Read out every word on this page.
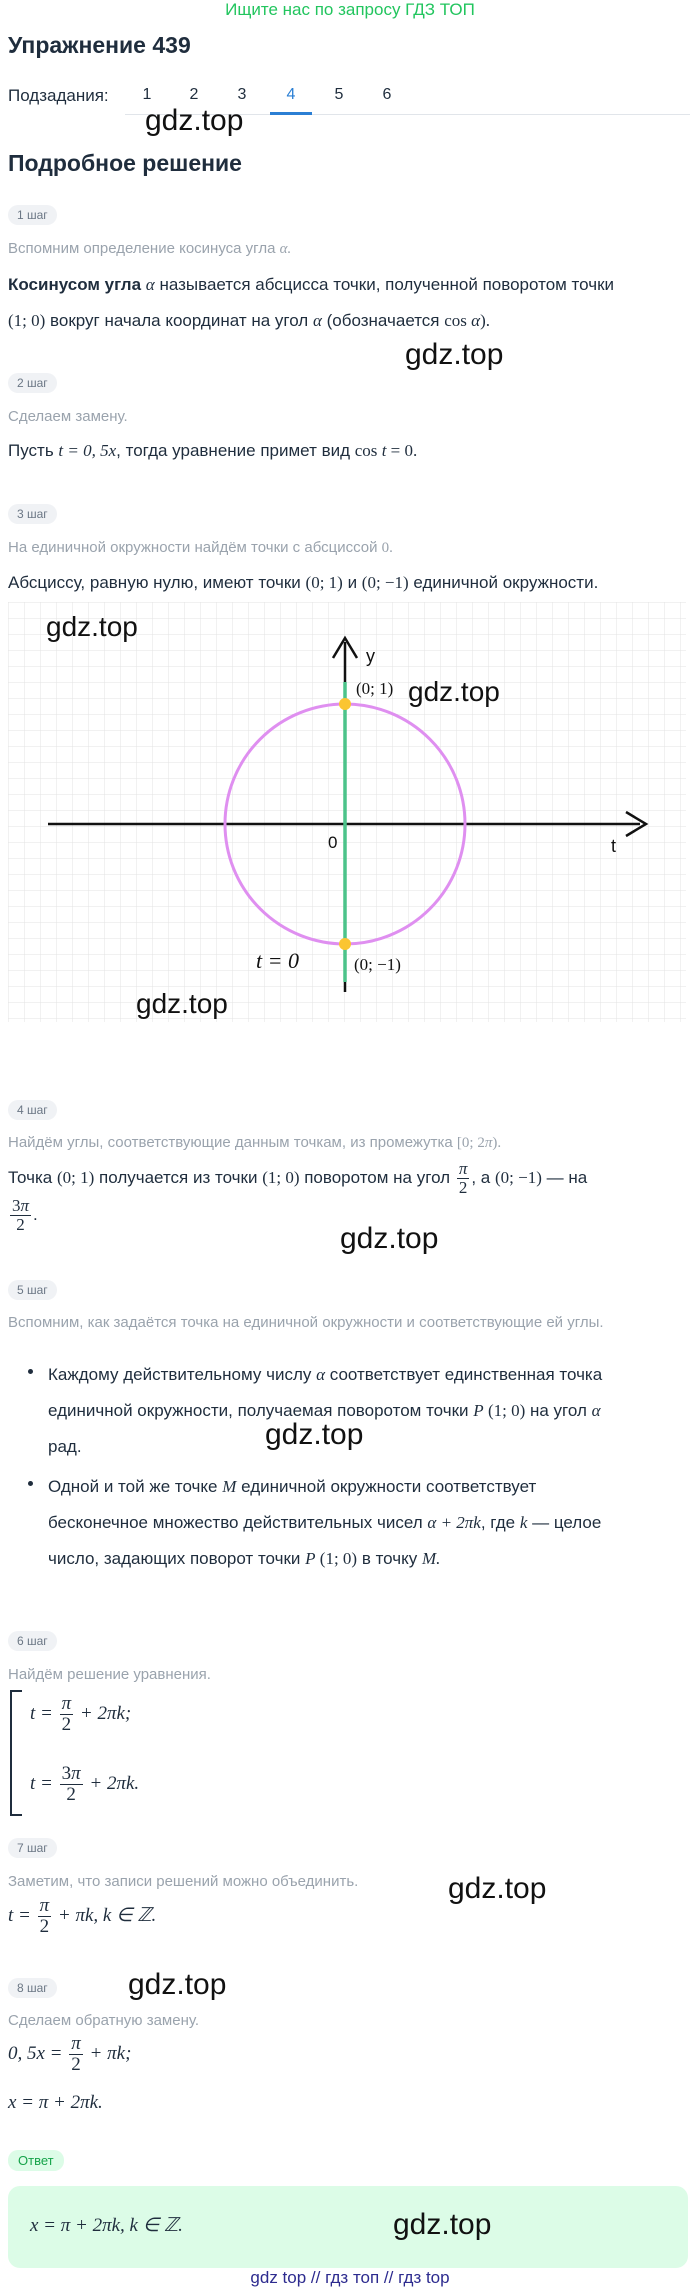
Ищите нас по запросу ГДЗ ТОП
Упражнение 439
Подзадания:	1	2	3	4	5	6
gdz.top
Подробное решение
1 шаг
Вспомним определение косинуса угла α.
Косинусом угла α называется абсцисса точки, полученной поворотом точки
(1; 0) вокруг начала координат на угол α (обозначается cos α).
gdz.top
2 шаг
Сделаем замену.
Пусть t = 0, 5x, тогда уравнение примет вид cos t = 0.
3 шаг
На единичной окружности найдём точки с абсциссой 0.
Абсциссу, равную нулю, имеют точки (0; 1) и (0; −1) единичной окружности.
y
t
0
(0; 1)
(0; −1)
t = 0
gdz.top
gdz.top
gdz.top
4 шаг
Найдём углы, соответствующие данным точкам, из промежутка [0; 2π).
Точка (0; 1) получается из точки (1; 0) поворотом на угол $\frac{\pi}{2}$ , а (0; −1) — на

$\frac{3\pi}{2}$ .
gdz.top
5 шаг
Вспомним, как задаётся точка на единичной окружности и соответствующие ей углы.
Каждому действительному числу α соответствует единственная точка
единичной окружности, получаемая поворотом точки P (1; 0) на угол α
рад.	gdz.top
Одной и той же точке M единичной окружности соответствует
бесконечное множество действительных чисел α + 2πk, где k — целое
число, задающих поворот точки P (1; 0) в точку M.
6 шаг
Найдём решение уравнения.
$t = \frac{\pi}{2} + 2\pi k$;
$t = \frac{3\pi}{2} + 2\pi k$.
7 шаг
Заметим, что записи решений можно объединить.	gdz.top
$t = \frac{\pi}{2} + \pi k$, k ∈ ℤ.
8 шаг	gdz.top
Сделаем обратную замену.
0, $5x = \frac{\pi}{2} + \pi k$;
x = π + 2πk.
Ответ
x = π + 2πk, k ∈ ℤ.	gdz.top
gdz top // гдз топ // гдз top
